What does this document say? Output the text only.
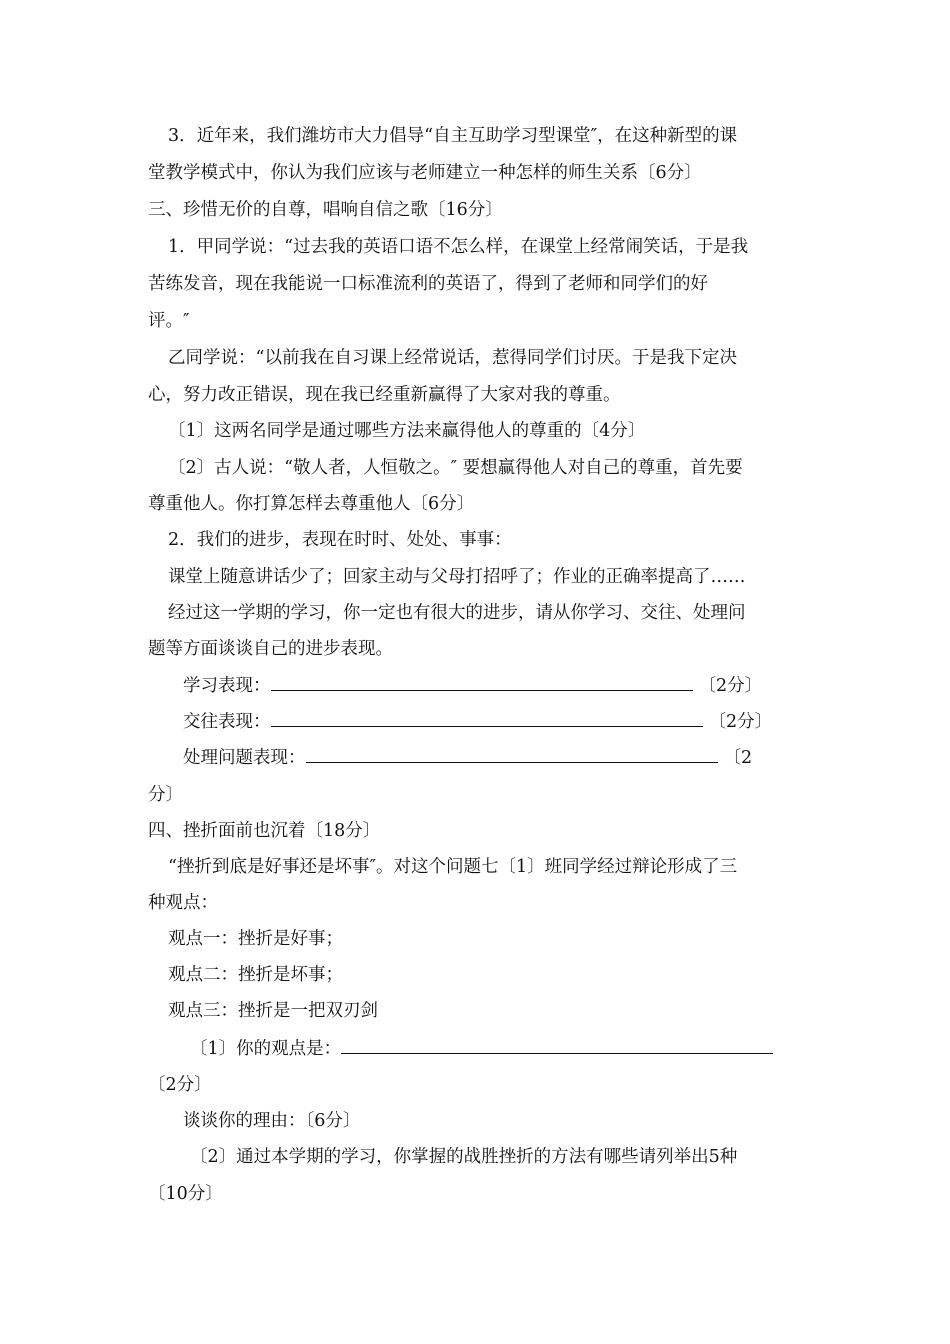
3．近年来，我们潍坊市大力倡导“自主互助学习型课堂″，在这种新型的课
堂教学模式中，你认为我们应该与老师建立一种怎样的师生关系〔6分〕
三、珍惜无价的自尊，唱响自信之歌〔16分〕
1．甲同学说：“过去我的英语口语不怎么样，在课堂上经常闹笑话，于是我
苦练发音，现在我能说一口标准流利的英语了，得到了老师和同学们的好
评。″
乙同学说：“以前我在自习课上经常说话，惹得同学们讨厌。于是我下定决
心，努力改正错误，现在我已经重新赢得了大家对我的尊重。
〔1〕这两名同学是通过哪些方法来赢得他人的尊重的〔4分〕
〔2〕古人说：“敬人者，人恒敬之。″ 要想赢得他人对自己的尊重，首先要
尊重他人。你打算怎样去尊重他人〔6分〕
2．我们的进步，表现在时时、处处、事事：
课堂上随意讲话少了；回家主动与父母打招呼了；作业的正确率提高了……
经过这一学期的学习，你一定也有很大的进步，请从你学习、交往、处理问
题等方面谈谈自己的进步表现。
学习表现：	〔2分〕
交往表现：	〔2分〕
处理问题表现：	〔2
分〕
四、挫折面前也沉着〔18分〕
“挫折到底是好事还是坏事″。对这个问题七〔1〕班同学经过辩论形成了三
种观点：
观点一：挫折是好事；
观点二：挫折是坏事；
观点三：挫折是一把双刃剑
〔1〕你的观点是：
〔2分〕
谈谈你的理由：〔6分〕
〔2〕通过本学期的学习，你掌握的战胜挫折的方法有哪些请列举出5种
〔10分〕
